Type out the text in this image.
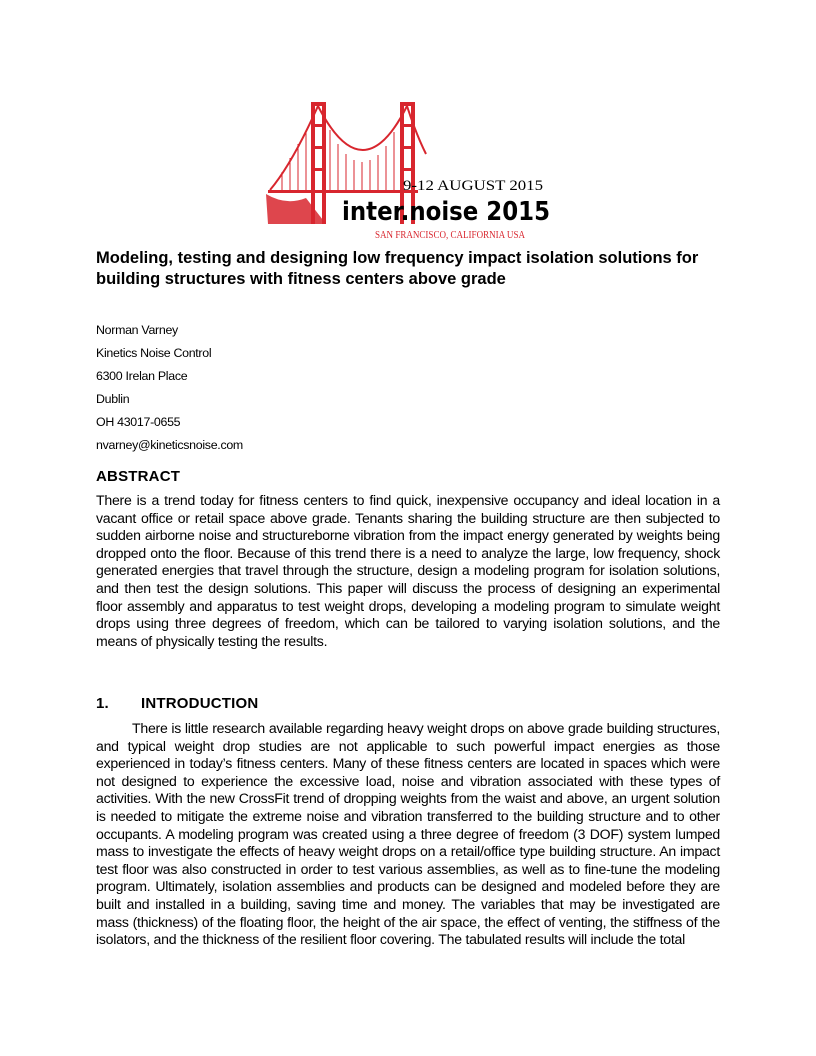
9-12 AUGUST 2015
inter.noise 2015
SAN FRANCISCO, CALIFORNIA USA
Modeling, testing and designing low frequency impact isolation solutions for building structures with fitness centers above grade
Norman Varney
Kinetics Noise Control
6300 Irelan Place
Dublin
OH 43017-0655
nvarney@kineticsnoise.com
ABSTRACT

There is a trend today for fitness centers to find quick, inexpensive occupancy and ideal location in a vacant office or retail space above grade. Tenants sharing the building structure are then subjected to sudden airborne noise and structureborne vibration from the impact energy generated by weights being dropped onto the floor. Because of this trend there is a need to analyze the large, low frequency, shock generated energies that travel through the structure, design a modeling program for isolation solutions, and then test the design solutions. This paper will discuss the process of designing an experimental floor assembly and apparatus to test weight drops, developing a modeling program to simulate weight drops using three degrees of freedom, which can be tailored to varying isolation solutions, and the means of physically testing the results.

1. INTRODUCTION

There is little research available regarding heavy weight drops on above grade building structures, and typical weight drop studies are not applicable to such powerful impact energies as those experienced in today’s fitness centers. Many of these fitness centers are located in spaces which were not designed to experience the excessive load, noise and vibration associated with these types of activities. With the new CrossFit trend of dropping weights from the waist and above, an urgent solution is needed to mitigate the extreme noise and vibration transferred to the building structure and to other occupants. A modeling program was created using a three degree of freedom (3 DOF) system lumped mass to investigate the effects of heavy weight drops on a retail/office type building structure. An impact test floor was also constructed in order to test various assemblies, as well as to fine-tune the modeling program. Ultimately, isolation assemblies and products can be designed and modeled before they are built and installed in a building, saving time and money. The variables that may be investigated are mass (thickness) of the floating floor, the height of the air space, the effect of venting, the stiffness of the isolators, and the thickness of the resilient floor covering. The tabulated results will include the total
